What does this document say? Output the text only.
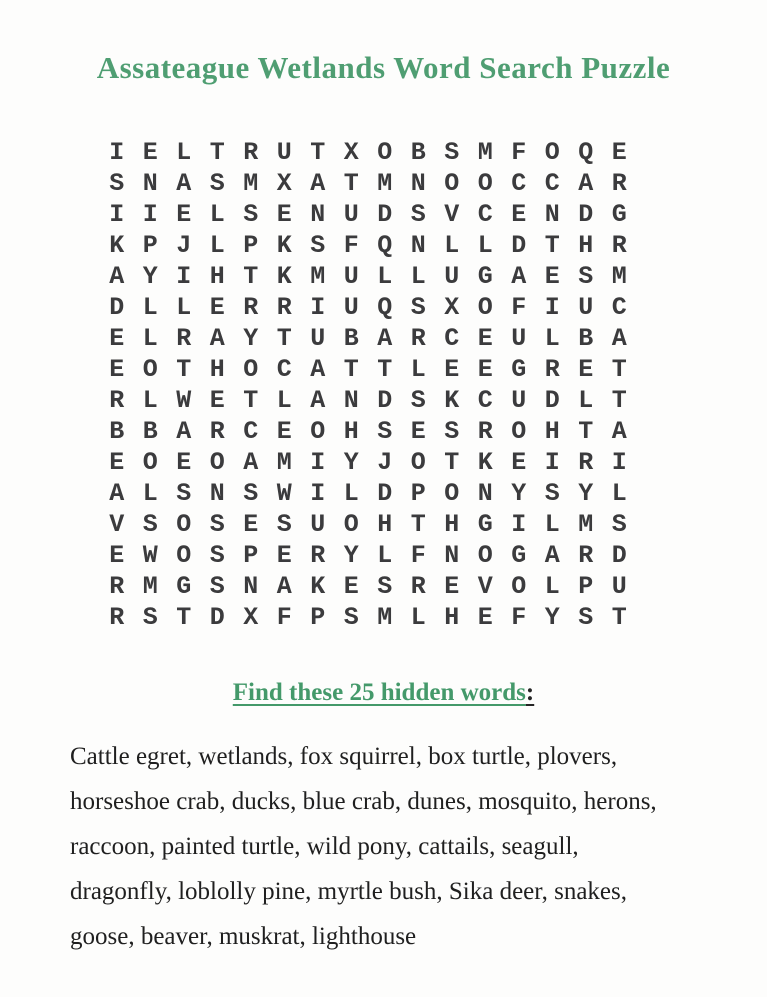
Assateague Wetlands Word Search Puzzle
I E L T R U T X O B S M F O Q E
S N A S M X A T M N O O C C A R
I I E L S E N U D S V C E N D G
K P J L P K S F Q N L L D T H R
A Y I H T K M U L L U G A E S M
D L L E R R I U Q S X O F I U C
E L R A Y T U B A R C E U L B A
E O T H O C A T T L E E G R E T
R L W E T L A N D S K C U D L T
B B A R C E O H S E S R O H T A
E O E O A M I Y J O T K E I R I
A L S N S W I L D P O N Y S Y L
V S O S E S U O H T H G I L M S
E W O S P E R Y L F N O G A R D
R M G S N A K E S R E V O L P U
R S T D X F P S M L H E F Y S T
Find these 25 hidden words:
Cattle egret, wetlands, fox squirrel, box turtle, plovers,
horseshoe crab, ducks, blue crab, dunes, mosquito, herons,
raccoon, painted turtle, wild pony, cattails, seagull,
dragonfly, loblolly pine, myrtle bush, Sika deer, snakes,
goose, beaver, muskrat, lighthouse
